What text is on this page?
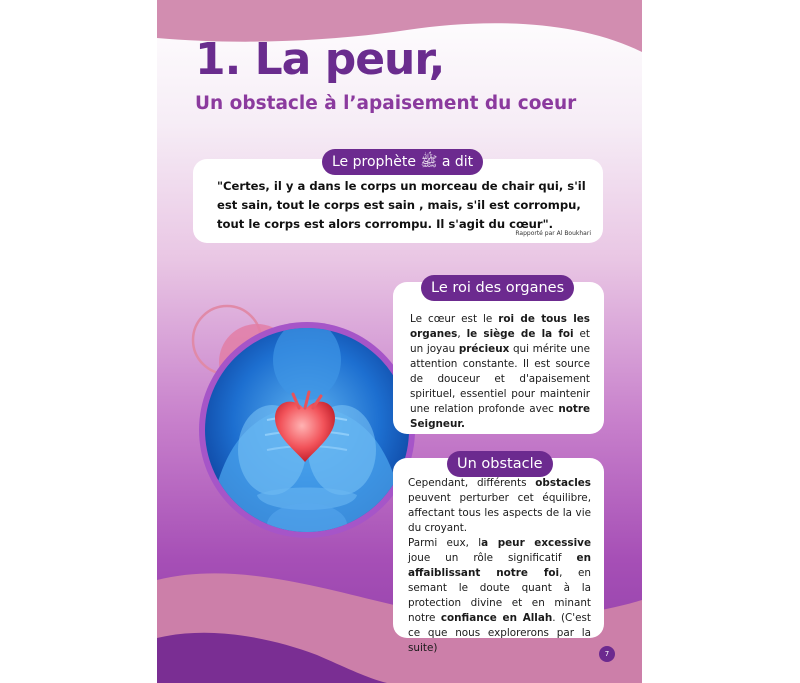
1. La peur,
Un obstacle à l’apaisement du coeur
Le prophète ﷺ a dit

"Certes, il y a dans le corps un morceau de chair qui, s'il est sain, tout le corps est sain , mais, s'il est corrompu, tout le corps est alors corrompu. Il s'agit du cœur".

Rapporté par Al Boukhari
Le roi des organes

Le cœur est le roi de tous les organes, le siège de la foi et un joyau précieux qui mérite une attention constante. Il est source de douceur et d'apaisement spirituel, essentiel pour maintenir une relation profonde avec notre Seigneur.

Un obstacle

Cependant, différents obstacles peuvent perturber cet équilibre, affectant tous les aspects de la vie du croyant.
Parmi eux, la peur excessive joue un rôle significatif en affaiblissant notre foi, en semant le doute quant à la protection divine et en minant notre confiance en Allah. (C'est ce que nous explorerons par la suite)	7
